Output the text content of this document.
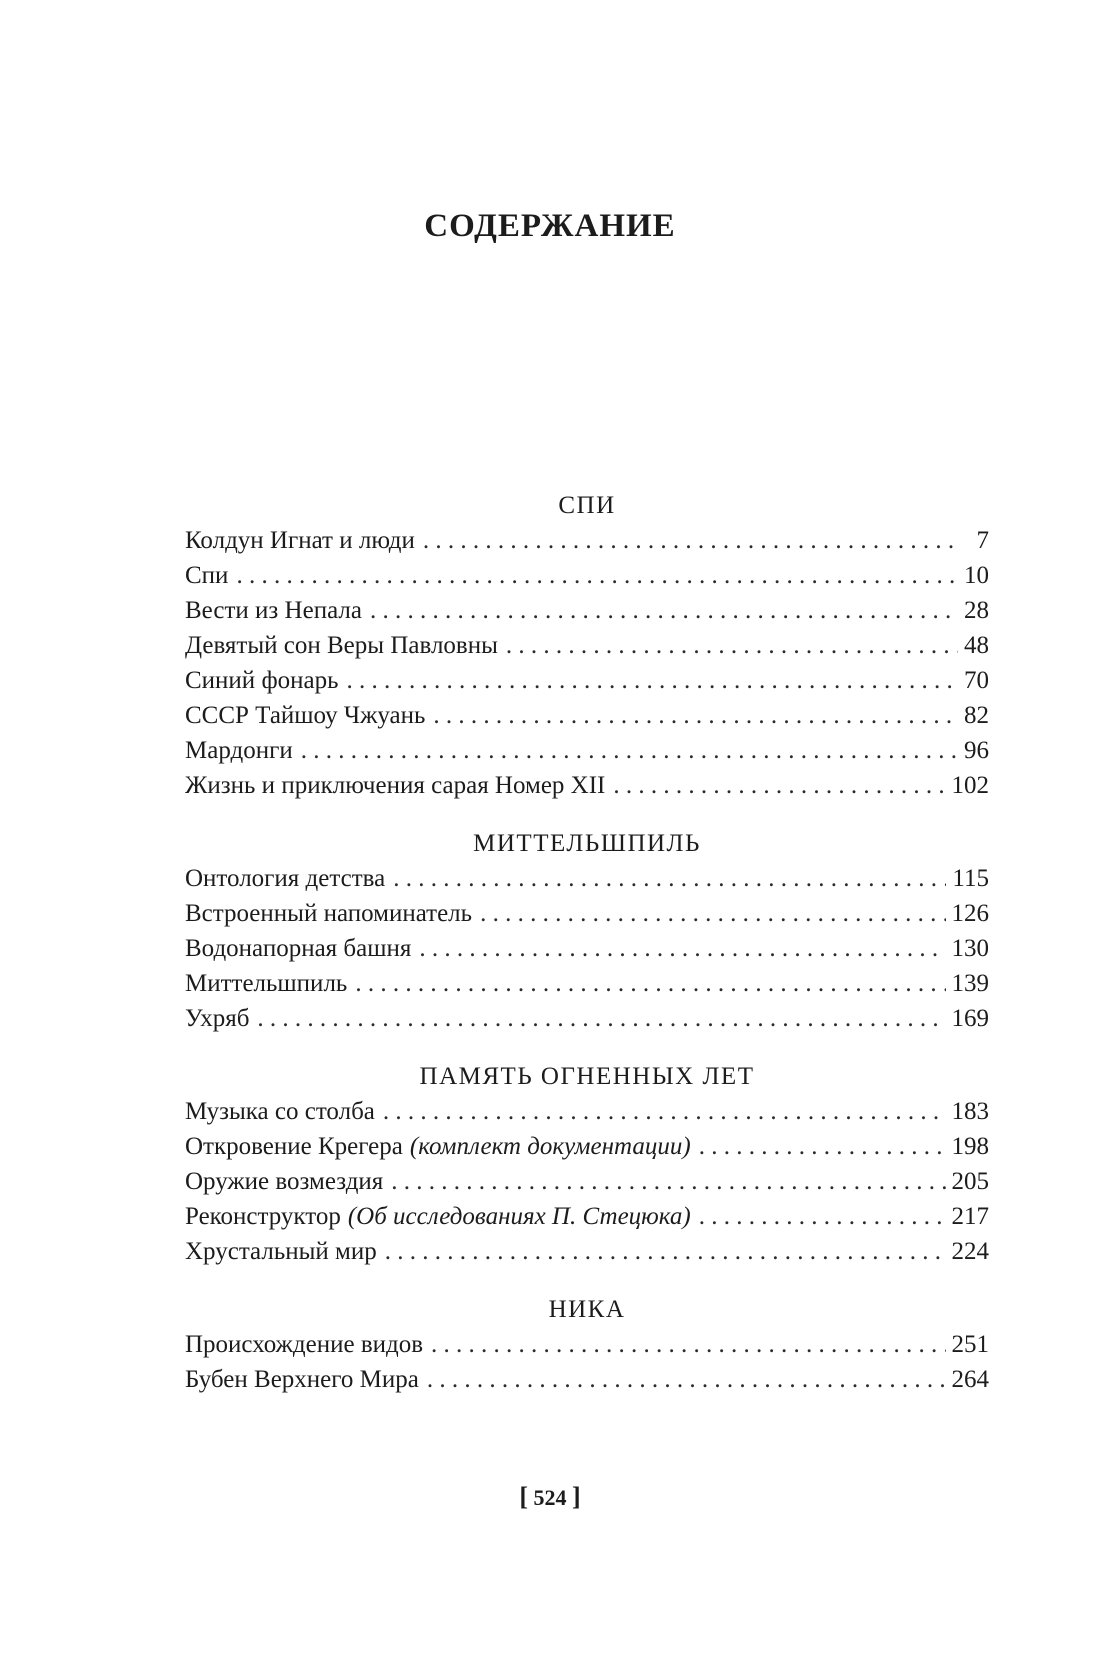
СОДЕРЖАНИЕ
СПИ
Колдун Игнат и люди . . .	7
Спи . . .	10
Вести из Непала . . .	28
Девятый сон Веры Павловны . . .	48
Синий фонарь . . .	70
СССР Тайшоу Чжуань . . .	82
Мардонги . . .	96
Жизнь и приключения сарая Номер XII . . .	102
МИТТЕЛЬШПИЛЬ
Онтология детства . . .	115
Встроенный напоминатель . . .	126
Водонапорная башня . . .	130
Миттельшпиль . . .	139
Ухряб . . .	169
ПАМЯТЬ ОГНЕННЫХ ЛЕТ
Музыка со столба . . .	183
Откровение Крегера (комплект документации) . . .	198
Оружие возмездия . . .	205
Реконструктор (Об исследованиях П. Стецюка) . . .	217
Хрустальный мир . . .	224
НИКА
Происхождение видов . . .	251
Бубен Верхнего Мира . . .	264
[ 524 ]
